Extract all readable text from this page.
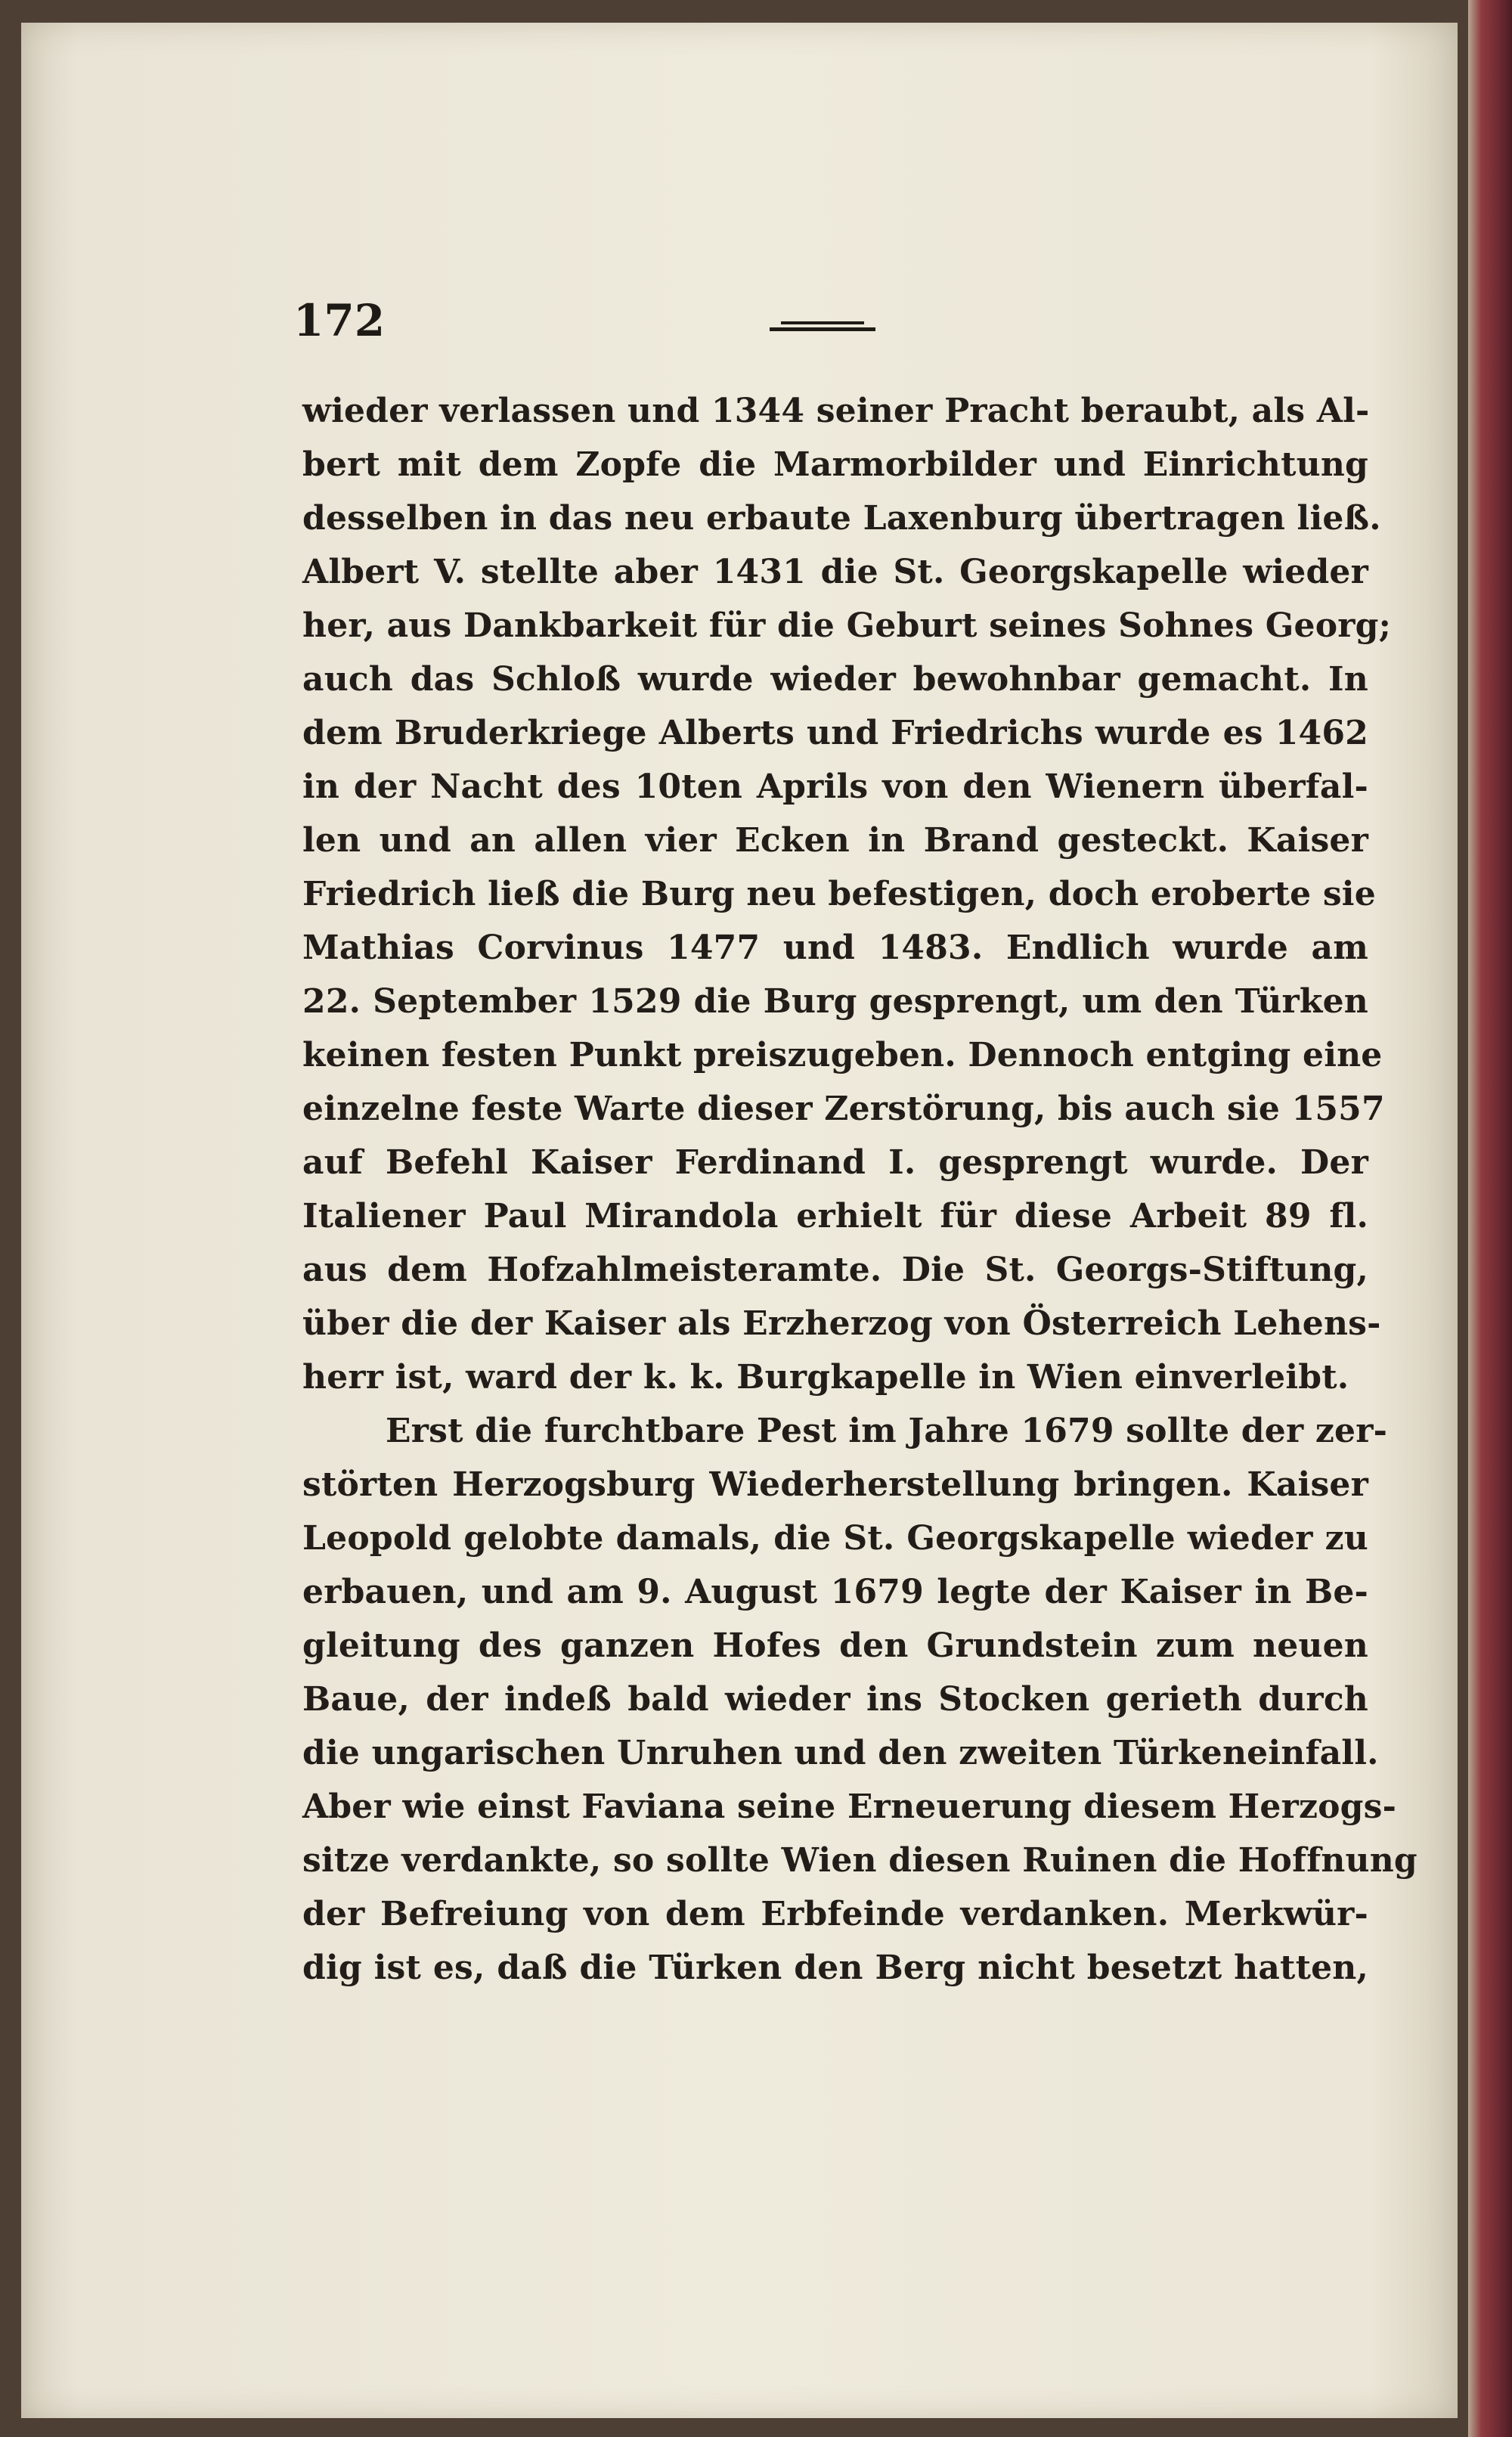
172
wieder verlassen und 1344 seiner Pracht beraubt, als Al-
bert mit dem Zopfe die Marmorbilder und Einrichtung
desselben in das neu erbaute Laxenburg übertragen ließ.
Albert V. stellte aber 1431 die St. Georgskapelle wieder
her, aus Dankbarkeit für die Geburt seines Sohnes Georg;
auch das Schloß wurde wieder bewohnbar gemacht. In
dem Bruderkriege Alberts und Friedrichs wurde es 1462
in der Nacht des 10ten Aprils von den Wienern überfal-
len und an allen vier Ecken in Brand gesteckt. Kaiser
Friedrich ließ die Burg neu befestigen, doch eroberte sie
Mathias Corvinus 1477 und 1483. Endlich wurde am
22. September 1529 die Burg gesprengt, um den Türken
keinen festen Punkt preiszugeben. Dennoch entging eine
einzelne feste Warte dieser Zerstörung, bis auch sie 1557
auf Befehl Kaiser Ferdinand I. gesprengt wurde. Der
Italiener Paul Mirandola erhielt für diese Arbeit 89 fl.
aus dem Hofzahlmeisteramte. Die St. Georgs-Stiftung,
über die der Kaiser als Erzherzog von Österreich Lehens-
herr ist, ward der k. k. Burgkapelle in Wien einverleibt.
Erst die furchtbare Pest im Jahre 1679 sollte der zer-
störten Herzogsburg Wiederherstellung bringen. Kaiser
Leopold gelobte damals, die St. Georgskapelle wieder zu
erbauen, und am 9. August 1679 legte der Kaiser in Be-
gleitung des ganzen Hofes den Grundstein zum neuen
Baue, der indeß bald wieder ins Stocken gerieth durch
die ungarischen Unruhen und den zweiten Türkeneinfall.
Aber wie einst Faviana seine Erneuerung diesem Herzogs-
sitze verdankte, so sollte Wien diesen Ruinen die Hoffnung
der Befreiung von dem Erbfeinde verdanken. Merkwür-
dig ist es, daß die Türken den Berg nicht besetzt hatten,
